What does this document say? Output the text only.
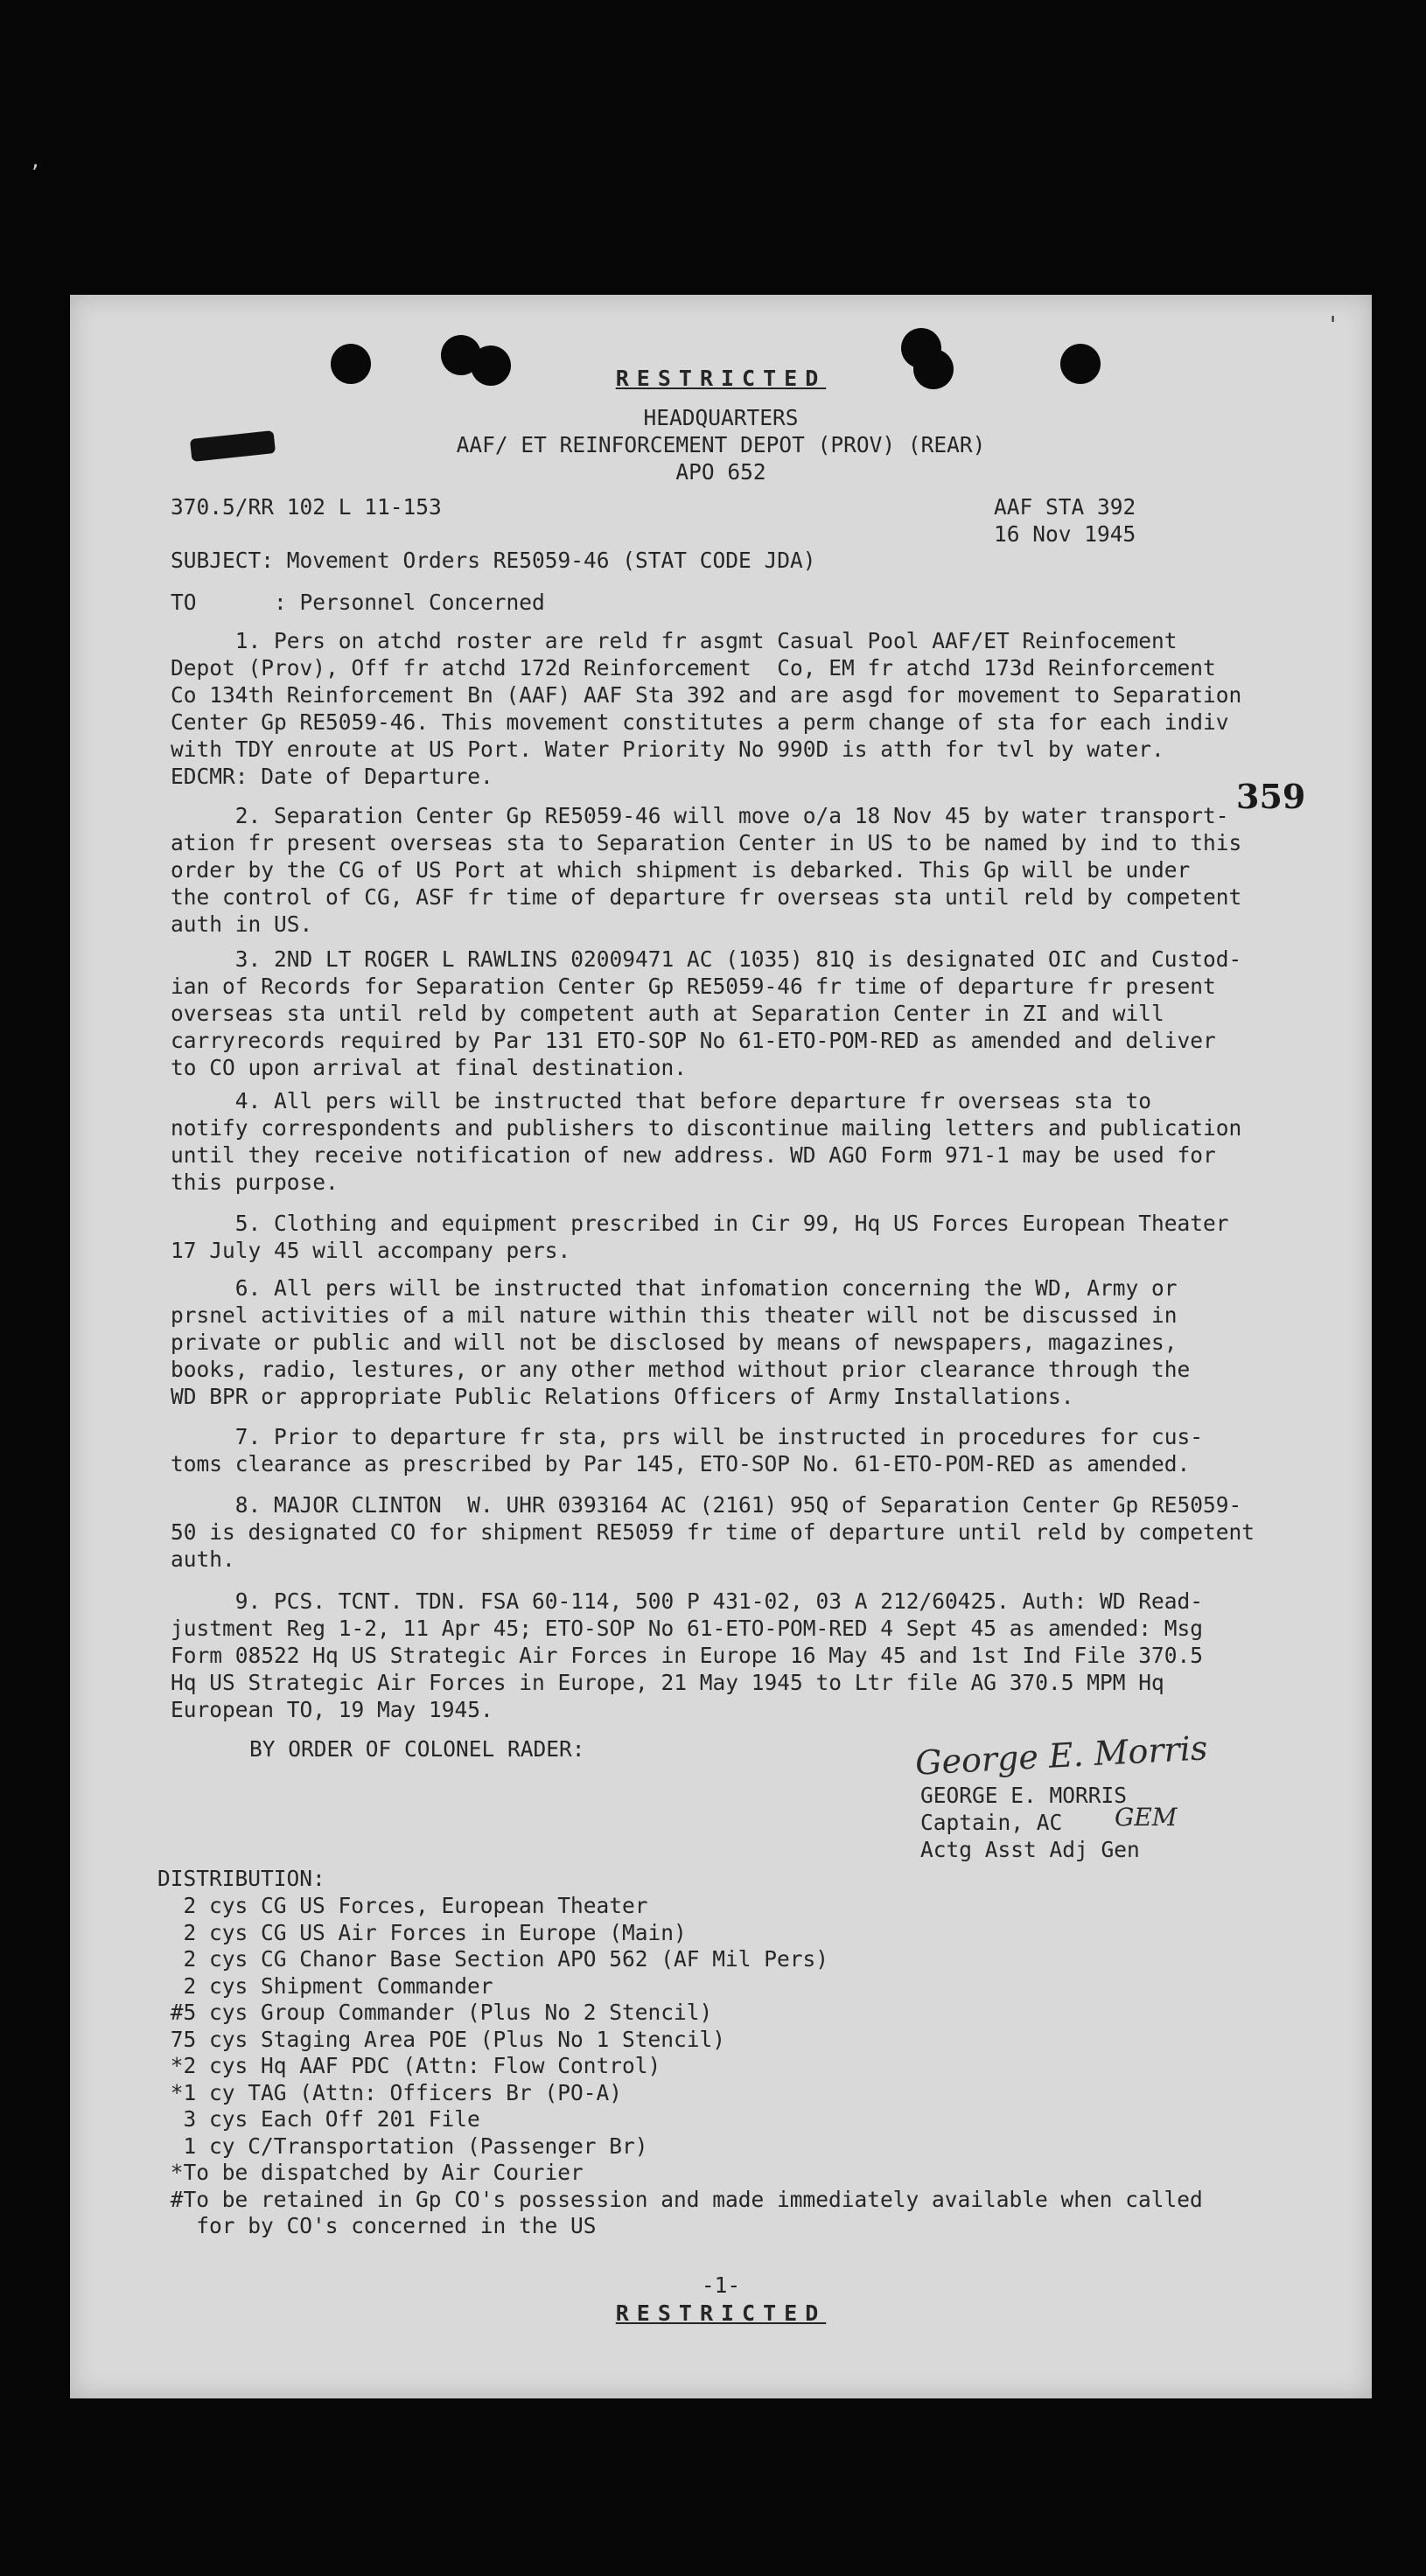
‚
'
RESTRICTED
HEADQUARTERS
AAF/ ET REINFORCEMENT DEPOT (PROV) (REAR)
APO 652
370.5/RR 102 L 11-153	AAF STA 392
16 Nov 1945
SUBJECT: Movement Orders RE5059-46 (STAT CODE JDA)
TO      : Personnel Concerned
1. Pers on atchd roster are reld fr asgmt Casual Pool AAF/ET Reinfocement
Depot (Prov), Off fr atchd 172d Reinforcement  Co, EM fr atchd 173d Reinforcement
Co 134th Reinforcement Bn (AAF) AAF Sta 392 and are asgd for movement to Separation
Center Gp RE5059-46. This movement constitutes a perm change of sta for each indiv
with TDY enroute at US Port. Water Priority No 990D is atth for tvl by water.
EDCMR: Date of Departure.
359
2. Separation Center Gp RE5059-46 will move o/a 18 Nov 45 by water transport-
ation fr present overseas sta to Separation Center in US to be named by ind to this
order by the CG of US Port at which shipment is debarked. This Gp will be under
the control of CG, ASF fr time of departure fr overseas sta until reld by competent
auth in US.
3. 2ND LT ROGER L RAWLINS 02009471 AC (1035) 81Q is designated OIC and Custod-
ian of Records for Separation Center Gp RE5059-46 fr time of departure fr present
overseas sta until reld by competent auth at Separation Center in ZI and will
carryrecords required by Par 131 ETO-SOP No 61-ETO-POM-RED as amended and deliver
to CO upon arrival at final destination.
4. All pers will be instructed that before departure fr overseas sta to
notify correspondents and publishers to discontinue mailing letters and publication
until they receive notification of new address. WD AGO Form 971-1 may be used for
this purpose.
5. Clothing and equipment prescribed in Cir 99, Hq US Forces European Theater
17 July 45 will accompany pers.
6. All pers will be instructed that infomation concerning the WD, Army or
prsnel activities of a mil nature within this theater will not be discussed in
private or public and will not be disclosed by means of newspapers, magazines,
books, radio, lestures, or any other method without prior clearance through the
WD BPR or appropriate Public Relations Officers of Army Installations.
7. Prior to departure fr sta, prs will be instructed in procedures for cus-
toms clearance as prescribed by Par 145, ETO-SOP No. 61-ETO-POM-RED as amended.
8. MAJOR CLINTON  W. UHR 0393164 AC (2161) 95Q of Separation Center Gp RE5059-
50 is designated CO for shipment RE5059 fr time of departure until reld by competent
auth.
9. PCS. TCNT. TDN. FSA 60-114, 500 P 431-02, 03 A 212/60425. Auth: WD Read-
justment Reg 1-2, 11 Apr 45; ETO-SOP No 61-ETO-POM-RED 4 Sept 45 as amended: Msg
Form 08522 Hq US Strategic Air Forces in Europe 16 May 45 and 1st Ind File 370.5
Hq US Strategic Air Forces in Europe, 21 May 1945 to Ltr file AG 370.5 MPM Hq
European TO, 19 May 1945.
BY ORDER OF COLONEL RADER:	George E. Morris
GEORGE E. MORRIS
Captain, AC GEM
Actg Asst Adj Gen
DISTRIBUTION:
2 cys CG US Forces, European Theater
2 cys CG US Air Forces in Europe (Main)
2 cys CG Chanor Base Section APO 562 (AF Mil Pers)
2 cys Shipment Commander
#5 cys Group Commander (Plus No 2 Stencil)
75 cys Staging Area POE (Plus No 1 Stencil)
*2 cys Hq AAF PDC (Attn: Flow Control)
*1 cy TAG (Attn: Officers Br (PO-A)
3 cys Each Off 201 File
1 cy C/Transportation (Passenger Br)
*To be dispatched by Air Courier
#To be retained in Gp CO's possession and made immediately available when called
for by CO's concerned in the US
-1-
RESTRICTED
